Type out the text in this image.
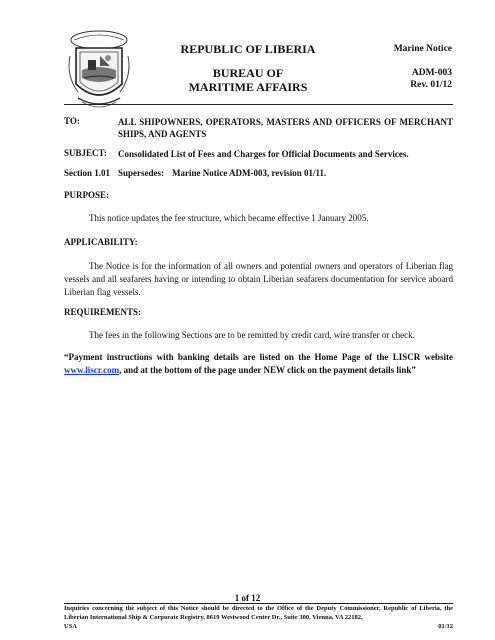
REPUBLIC OF LIBERIA
BUREAU OF
MARITIME AFFAIRS
Marine Notice
ADM-003
Rev. 01/12
TO:	ALL SHIPOWNERS, OPERATORS, MASTERS AND OFFICERS OF MERCHANT SHIPS, AND AGENTS
SUBJECT: Consolidated List of Fees and Charges for Official Documents and Services.
Section 1.01 Supersedes: Marine Notice ADM-003, revision 01/11.
PURPOSE:
This notice updates the fee structure, which became effective 1 January 2005.
APPLICABILITY:
The Notice is for the information of all owners and potential owners and operators of Liberian flag vessels and all seafarers having or intending to obtain Liberian seafarers documentation for service aboard Liberian flag vessels.
REQUIREMENTS:
The fees in the following Sections are to be remitted by credit card, wire transfer or check.
“Payment instructions with banking details are listed on the Home Page of the LISCR website www.liscr.com, and at the bottom of the page under NEW click on the payment details link”
1 of 12
Inquiries concerning the subject of this Notice should be directed to the Office of the Deputy Commissioner, Republic of Liberia, the Liberian International Ship & Corporate Registry, 8619 Westwood Center Dr., Suite 300, Vienna, VA 22182,
USA	01/12
